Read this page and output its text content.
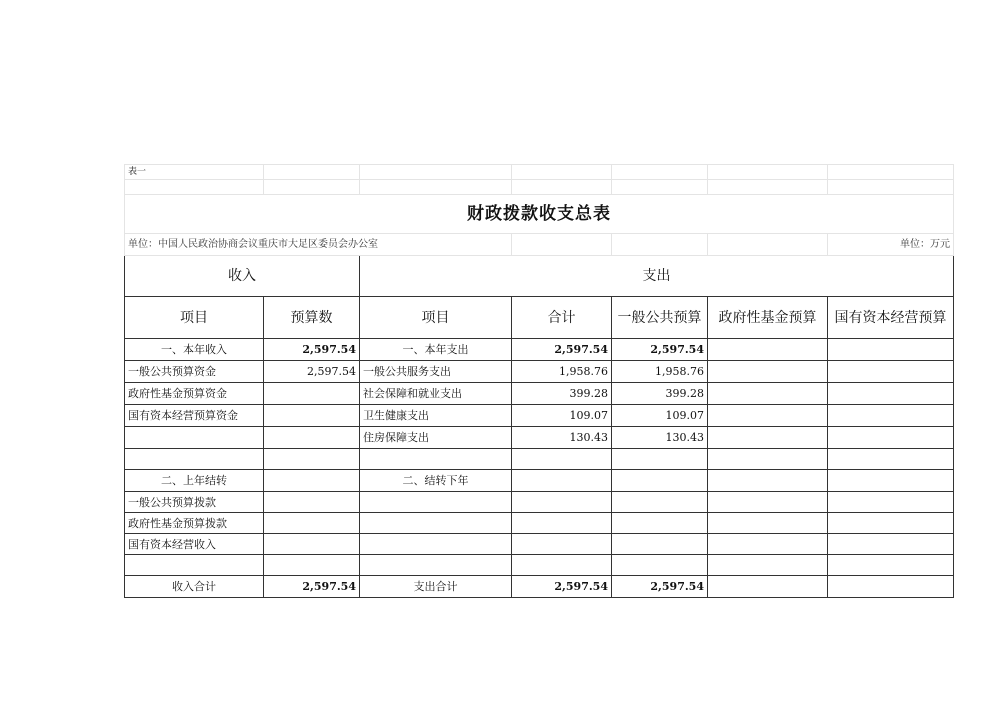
表一						

财政拨款收支总表						
单位：中国人民政治协商会议重庆市大足区委员会办公室						单位：万元
收入		支出				
项目	预算数	项目	合计	一般公共预算	政府性基金预算	国有资本经营预算
一、本年收入	2,597.54	一、本年支出	2,597.54	2,597.54		
一般公共预算资金	2,597.54	一般公共服务支出	1,958.76	1,958.76		
政府性基金预算资金		社会保障和就业支出	399.28	399.28		
国有资本经营预算资金		卫生健康支出	109.07	109.07		
		住房保障支出	130.43	130.43		

二、上年结转		二、结转下年				
一般公共预算拨款						
政府性基金预算拨款						
国有资本经营收入						

收入合计	2,597.54	支出合计	2,597.54	2,597.54		
